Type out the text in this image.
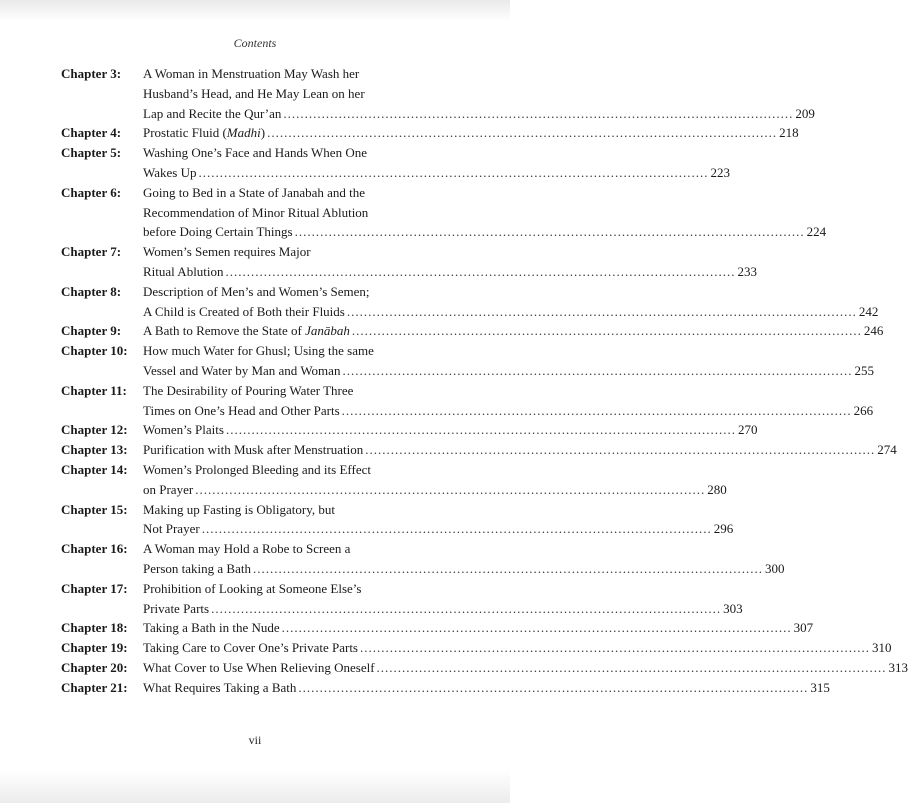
Contents
Chapter 3:	A Woman in Menstruation May Wash her
Husband’s Head, and He May Lean on her
Lap and Recite the Qur’an ........................................................................................................................ 209
Chapter 4:	Prostatic Fluid (Madhi) ........................................................................................................................ 218
Chapter 5:	Washing One’s Face and Hands When One
Wakes Up ........................................................................................................................ 223
Chapter 6:	Going to Bed in a State of Janabah and the
Recommendation of Minor Ritual Ablution
before Doing Certain Things ........................................................................................................................ 224
Chapter 7:	Women’s Semen requires Major
Ritual Ablution ........................................................................................................................ 233
Chapter 8:	Description of Men’s and Women’s Semen;
A Child is Created of Both their Fluids ........................................................................................................................ 242
Chapter 9:	A Bath to Remove the State of Janābah ........................................................................................................................ 246
Chapter 10:	How much Water for Ghusl; Using the same
Vessel and Water by Man and Woman ........................................................................................................................ 255
Chapter 11:	The Desirability of Pouring Water Three
Times on One’s Head and Other Parts ........................................................................................................................ 266
Chapter 12:	Women’s Plaits ........................................................................................................................ 270
Chapter 13:	Purification with Musk after Menstruation ........................................................................................................................ 274
Chapter 14:	Women’s Prolonged Bleeding and its Effect
on Prayer ........................................................................................................................ 280
Chapter 15:	Making up Fasting is Obligatory, but
Not Prayer ........................................................................................................................ 296
Chapter 16:	A Woman may Hold a Robe to Screen a
Person taking a Bath ........................................................................................................................ 300
Chapter 17:	Prohibition of Looking at Someone Else’s
Private Parts ........................................................................................................................ 303
Chapter 18:	Taking a Bath in the Nude ........................................................................................................................ 307
Chapter 19:	Taking Care to Cover One’s Private Parts ........................................................................................................................ 310
Chapter 20:	What Cover to Use When Relieving Oneself ........................................................................................................................ 313
Chapter 21:	What Requires Taking a Bath ........................................................................................................................ 315
vii
